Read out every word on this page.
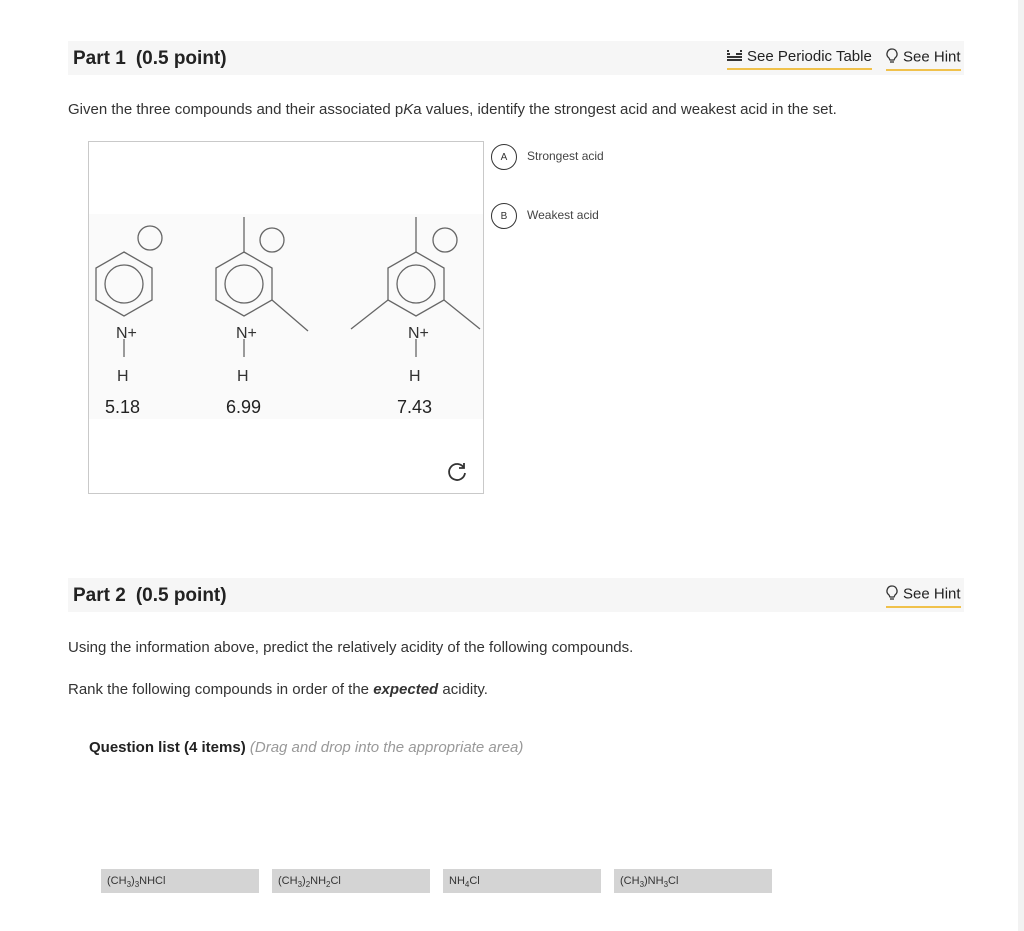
Part 1 (0.5 point)	See Periodic Table	See Hint
Given the three compounds and their associated pKa values, identify the strongest acid and weakest acid in the set.
N+
H
N+
H
N+
H
5.18	6.99	7.43
A	Strongest acid
B	Weakest acid
Part 2 (0.5 point)	See Hint
Using the information above, predict the relatively acidity of the following compounds.
Rank the following compounds in order of the expected acidity.
Question list (4 items) (Drag and drop into the appropriate area)
$(CH_3)_3NHCl$	$(CH_3)_2NH_2Cl$	$NH_4Cl$	$(CH_3)NH_3Cl$
